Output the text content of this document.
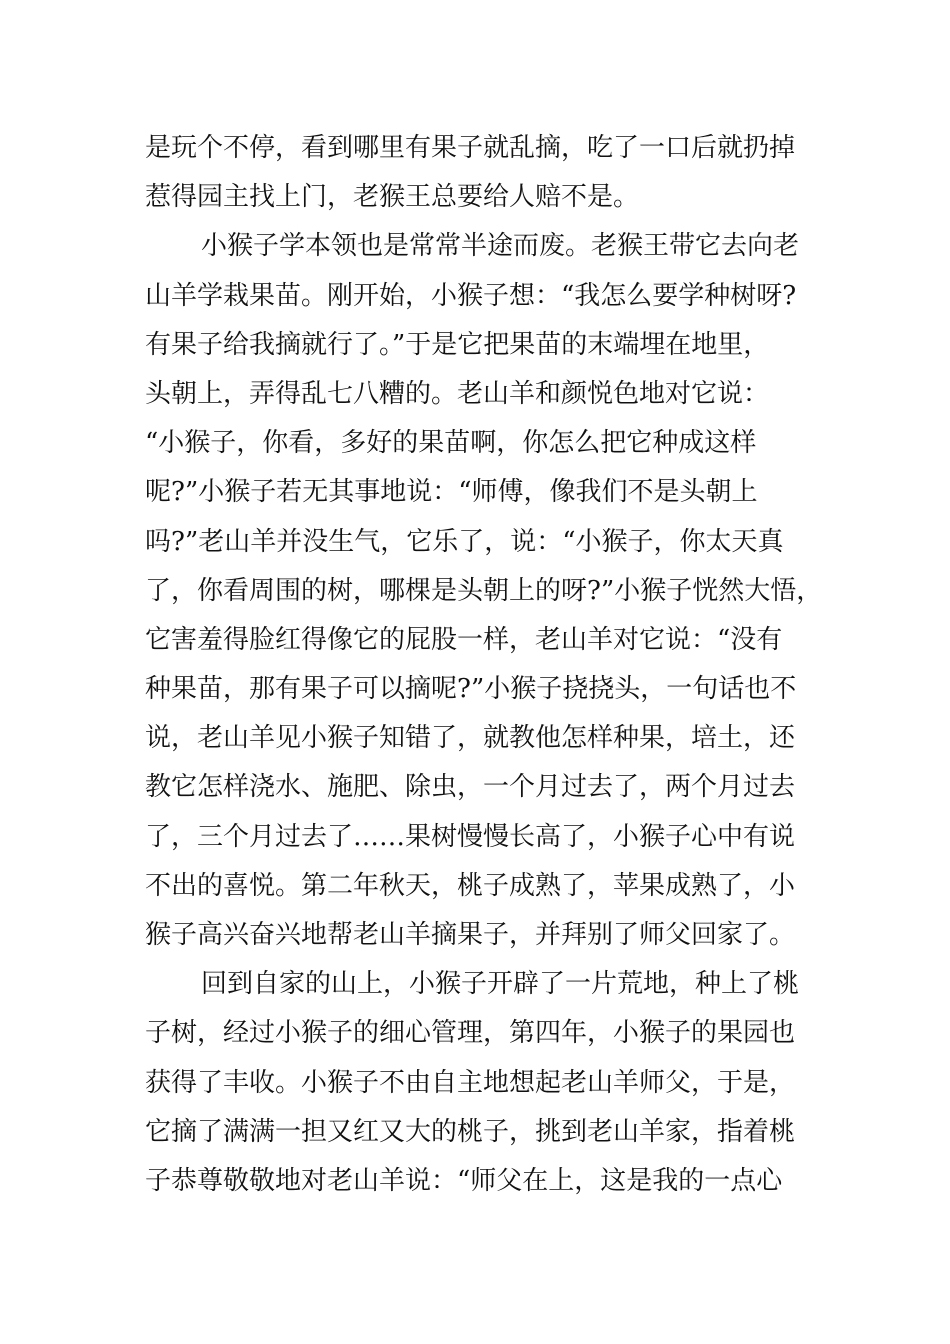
是玩个不停，看到哪里有果子就乱摘，吃了一口后就扔掉
惹得园主找上门，老猴王总要给人赔不是。
小猴子学本领也是常常半途而废。老猴王带它去向老
山羊学栽果苗。刚开始，小猴子想：“我怎么要学种树呀?
有果子给我摘就行了。”于是它把果苗的末端埋在地里，
头朝上，弄得乱七八糟的。老山羊和颜悦色地对它说：
“小猴子，你看，多好的果苗啊，你怎么把它种成这样
呢?”小猴子若无其事地说：“师傅，像我们不是头朝上
吗?”老山羊并没生气，它乐了，说：“小猴子，你太天真
了，你看周围的树，哪棵是头朝上的呀?”小猴子恍然大悟，
它害羞得脸红得像它的屁股一样，老山羊对它说：“没有
种果苗，那有果子可以摘呢?”小猴子挠挠头，一句话也不
说，老山羊见小猴子知错了，就教他怎样种果，培土，还
教它怎样浇水、施肥、除虫，一个月过去了，两个月过去
了，三个月过去了……果树慢慢长高了，小猴子心中有说
不出的喜悦。第二年秋天，桃子成熟了，苹果成熟了，小
猴子高兴奋兴地帮老山羊摘果子，并拜别了师父回家了。
回到自家的山上，小猴子开辟了一片荒地，种上了桃
子树，经过小猴子的细心管理，第四年，小猴子的果园也
获得了丰收。小猴子不由自主地想起老山羊师父，于是，
它摘了满满一担又红又大的桃子，挑到老山羊家，指着桃
子恭尊敬敬地对老山羊说：“师父在上，这是我的一点心
